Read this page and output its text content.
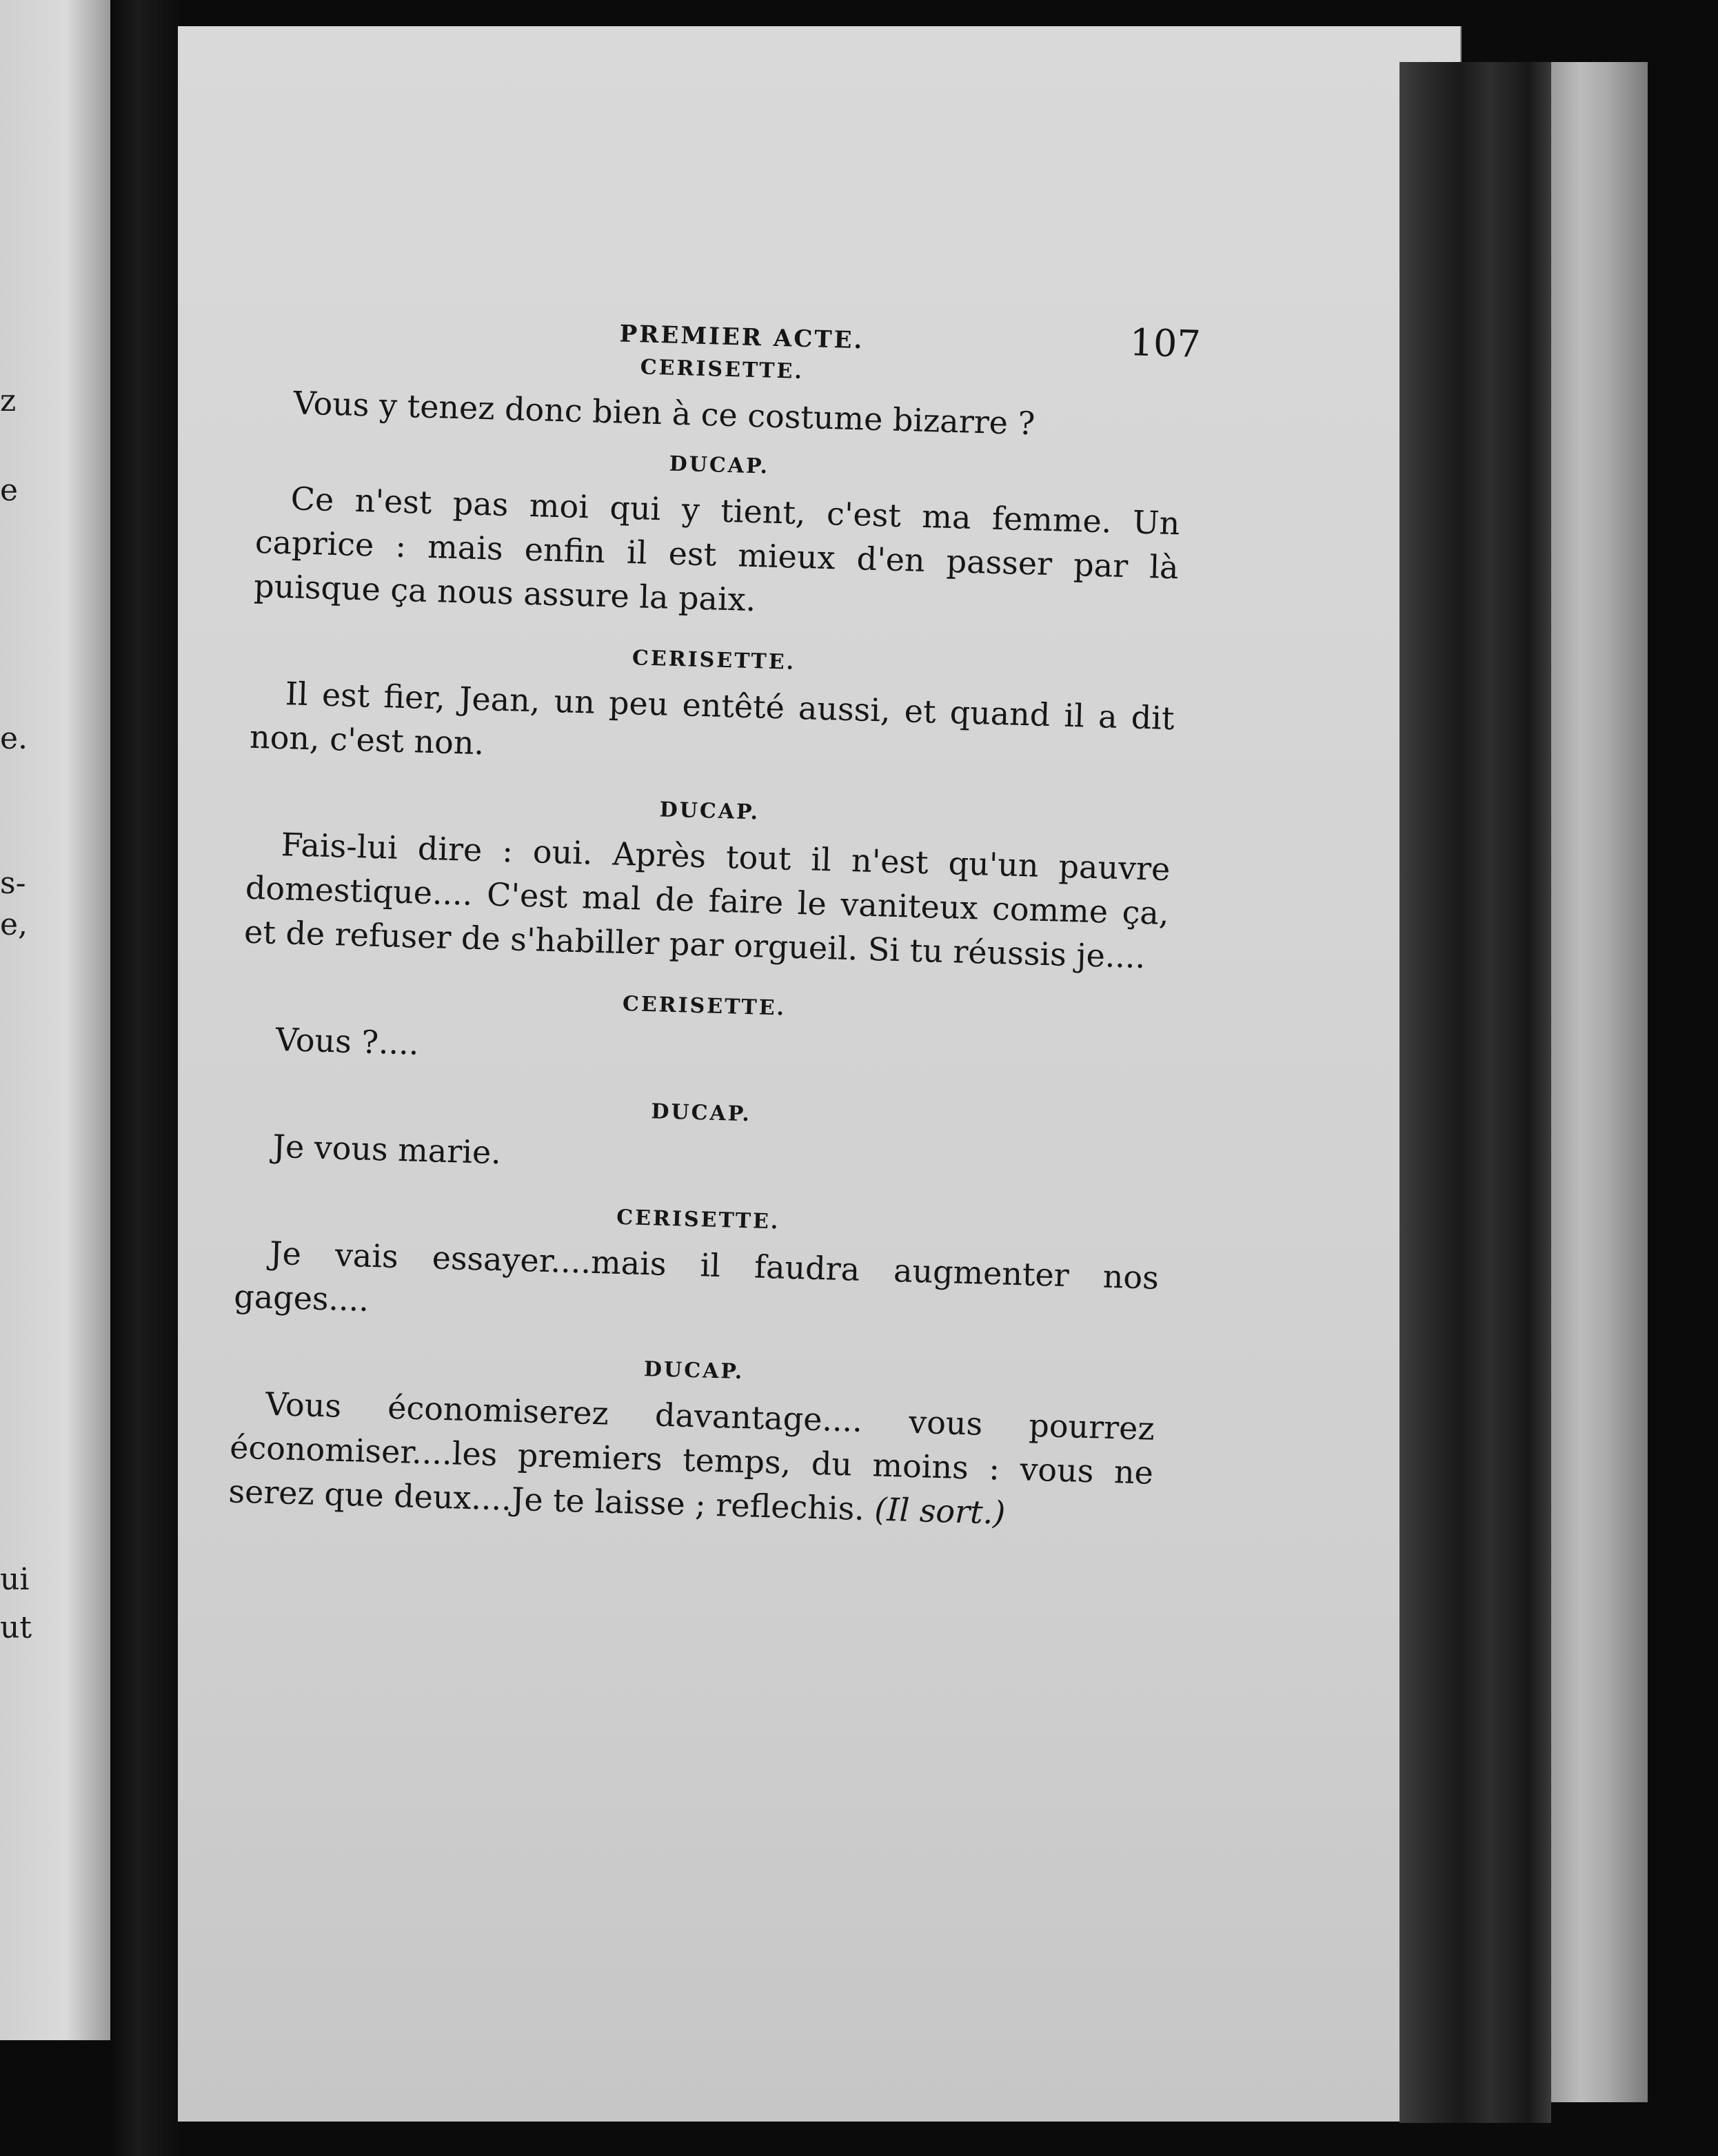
z
e
e.
s-
e,
ui
ut
PREMIER ACTE.	107
CERISETTE.

Vous y tenez donc bien à ce costume bizarre ?

DUCAP.

Ce n'est pas moi qui y tient, c'est ma femme. Un caprice : mais enfin il est mieux d'en passer par là puisque ça nous assure la paix.

CERISETTE.

Il est fier, Jean, un peu entêté aussi, et quand il a dit non, c'est non.

DUCAP.

Fais-lui dire : oui. Après tout il n'est qu'un pauvre domestique.... C'est mal de faire le vaniteux comme ça, et de refuser de s'habiller par orgueil. Si tu réussis je....

CERISETTE.

Vous ?....

DUCAP.

Je vous marie.

CERISETTE.

Je vais essayer....mais il faudra augmenter nos gages....

DUCAP.

Vous économiserez davantage.... vous pourrez économiser....les premiers temps, du moins : vous ne serez que deux....Je te laisse ; reflechis. (Il sort.)
